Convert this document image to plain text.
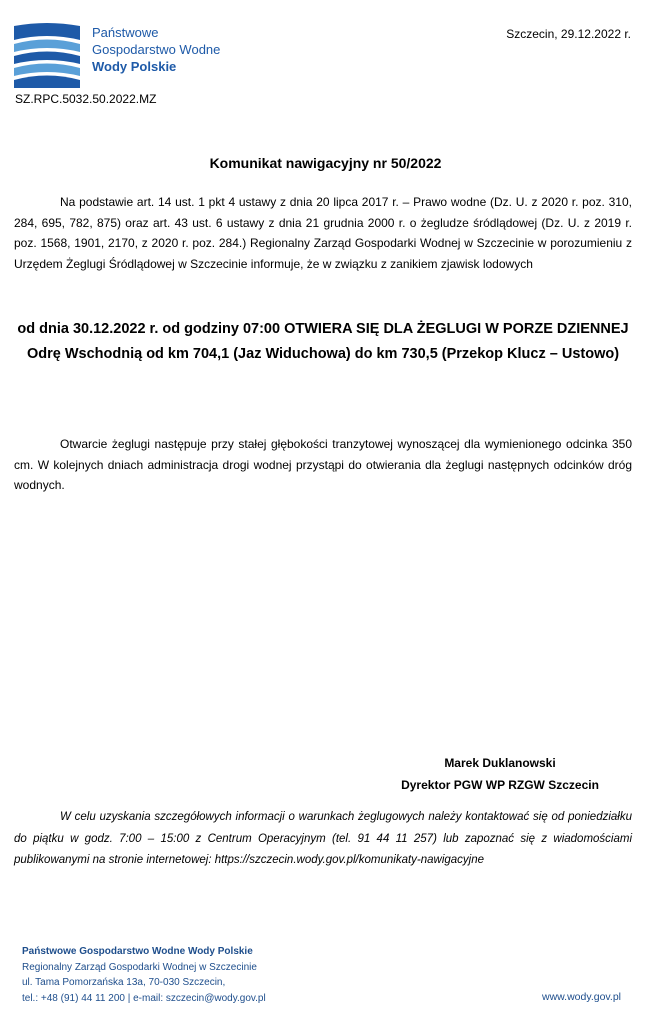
Państwowe
Gospodarstwo Wodne
Wody Polskie
Szczecin, 29.12.2022 r.
SZ.RPC.5032.50.2022.MZ
Komunikat nawigacyjny nr 50/2022

Na podstawie art. 14 ust. 1 pkt 4 ustawy z dnia 20 lipca 2017 r. – Prawo wodne (Dz. U. z 2020 r. poz. 310, 284, 695, 782, 875) oraz art. 43 ust. 6 ustawy z dnia 21 grudnia 2000 r. o żegludze śródlądowej (Dz. U. z 2019 r. poz. 1568, 1901, 2170, z 2020 r. poz. 284.) Regionalny Zarząd Gospodarki Wodnej w Szczecinie w porozumieniu z Urzędem Żeglugi Śródlądowej w Szczecinie informuje, że w związku z zanikiem zjawisk lodowych

od dnia 30.12.2022 r. od godziny 07:00 OTWIERA SIĘ DLA ŻEGLUGI W PORZE DZIENNEJ Odrę Wschodnią od km 704,1 (Jaz Widuchowa) do km 730,5 (Przekop Klucz – Ustowo)

Otwarcie żeglugi następuje przy stałej głębokości tranzytowej wynoszącej dla wymienionego odcinka 350 cm. W kolejnych dniach administracja drogi wodnej przystąpi do otwierania dla żeglugi następnych odcinków dróg wodnych.

Marek Duklanowski
Dyrektor PGW WP RZGW Szczecin

W celu uzyskania szczegółowych informacji o warunkach żeglugowych należy kontaktować się od poniedziałku do piątku w godz. 7:00 – 15:00 z Centrum Operacyjnym (tel. 91 44 11 257) lub zapoznać się z wiadomościami publikowanymi na stronie internetowej: https://szczecin.wody.gov.pl/komunikaty-nawigacyjne

Państwowe Gospodarstwo Wodne Wody Polskie
Regionalny Zarząd Gospodarki Wodnej w Szczecinie
ul. Tama Pomorzańska 13a, 70-030 Szczecin,
tel.: +48 (91) 44 11 200 | e-mail: szczecin@wody.gov.pl	www.wody.gov.pl
